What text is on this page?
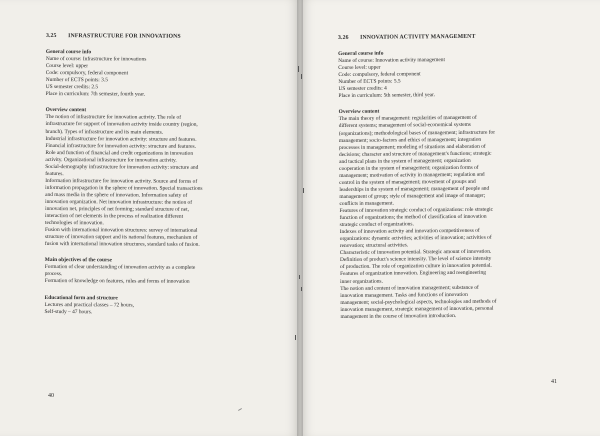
3.25 INFRASTRUCTURE FOR INNOVATIONS
General course info
Name of course: Infrastructure for innovations
Course level: upper
Code: compulsory, federal component
Number of ECTS points: 3.5
US semester credits: 2.5
Place in curriculum: 7th semester, fourth year.
Overview content
The notion of infrastructure for innovation activity. The role of
infrastructure for support of innovation activity inside country (region,
branch). Types of infrastructure and its main elements.
Industrial infrastructure for innovation activity: structure and features.
Financial infrastructure for innovation activity: structure and features.
Role and function of financial and credit organizations in innovation
activity. Organizational infrastructure for innovation activity.
Social-demography infrastructure for innovation activity: structure and
features.
Information infrastructure for innovation activity. Source and forms of
information propagation in the sphere of innovation. Special transactions
and mass media in the sphere of innovation. Information safety of
innovation organization. Net innovation infrastructure: the notion of
innovation net, principles of net forming; standard structure of net,
interaction of net elements in the process of realization different
technologies of innovation.
Fusion with international innovation structures: survey of international
structure of innovation support and its national features, mechanism of
fusion with international innovation structures, standard tasks of fusion.
Main objectives of the course
Formation of clear understanding of innovation activity as a complete
process.
Formation of knowledge on features, rules and forms of innovation
Educational form and structure
Lectures and practical classes – 72 hours,
Self-study – 47 hours.
40
3.26 INNOVATION ACTIVITY MANAGEMENT
General course info
Name of course: Innovation activity management
Course level: upper
Code: compulsory, federal component
Number of ECTS points: 5.5
US semester credits: 4
Place in curriculum: 5th semester, third year.
Overview content
The main theory of management: regularities of management of
different systems; management of social-economical systems
(organizations); methodological bases of management; infrastructure for
management; socio-factors and ethics of management; integration
processes in management; modeling of situations and elaboration of
decisions; character and structure of management's functions; strategic
and tactical plans in the system of management; organization
cooperation in the system of management; organization forms of
management; motivation of activity in management; regulation and
control in the system of management; movement of groups and
leaderships in the system of management; management of people and
management of group; style of management and image of manager;
conflicts in management.
Features of innovation strategic conduct of organizations: role strategic
function of organizations; the method of classification of innovation
strategic conduct of organizations.
Indexes of innovation activity and innovation competitiveness of
organizations: dynamic activities; activities of innovation; activities of
renovation; structural activities.
Characteristic of innovation potential. Strategic amount of innovation.
Definition of product's science intensity. The level of science intensity
of production. The role of organization culture in innovation potential.
Features of organization innovation. Engineering and reengineering
inner organizations.
The notion and content of innovation management; substance of
innovation management. Tasks and functions of innovation
management; social-psychological aspects, technologies and methods of
innovation management, strategic management of innovation, personal
management in the course of innovation introduction.
41
